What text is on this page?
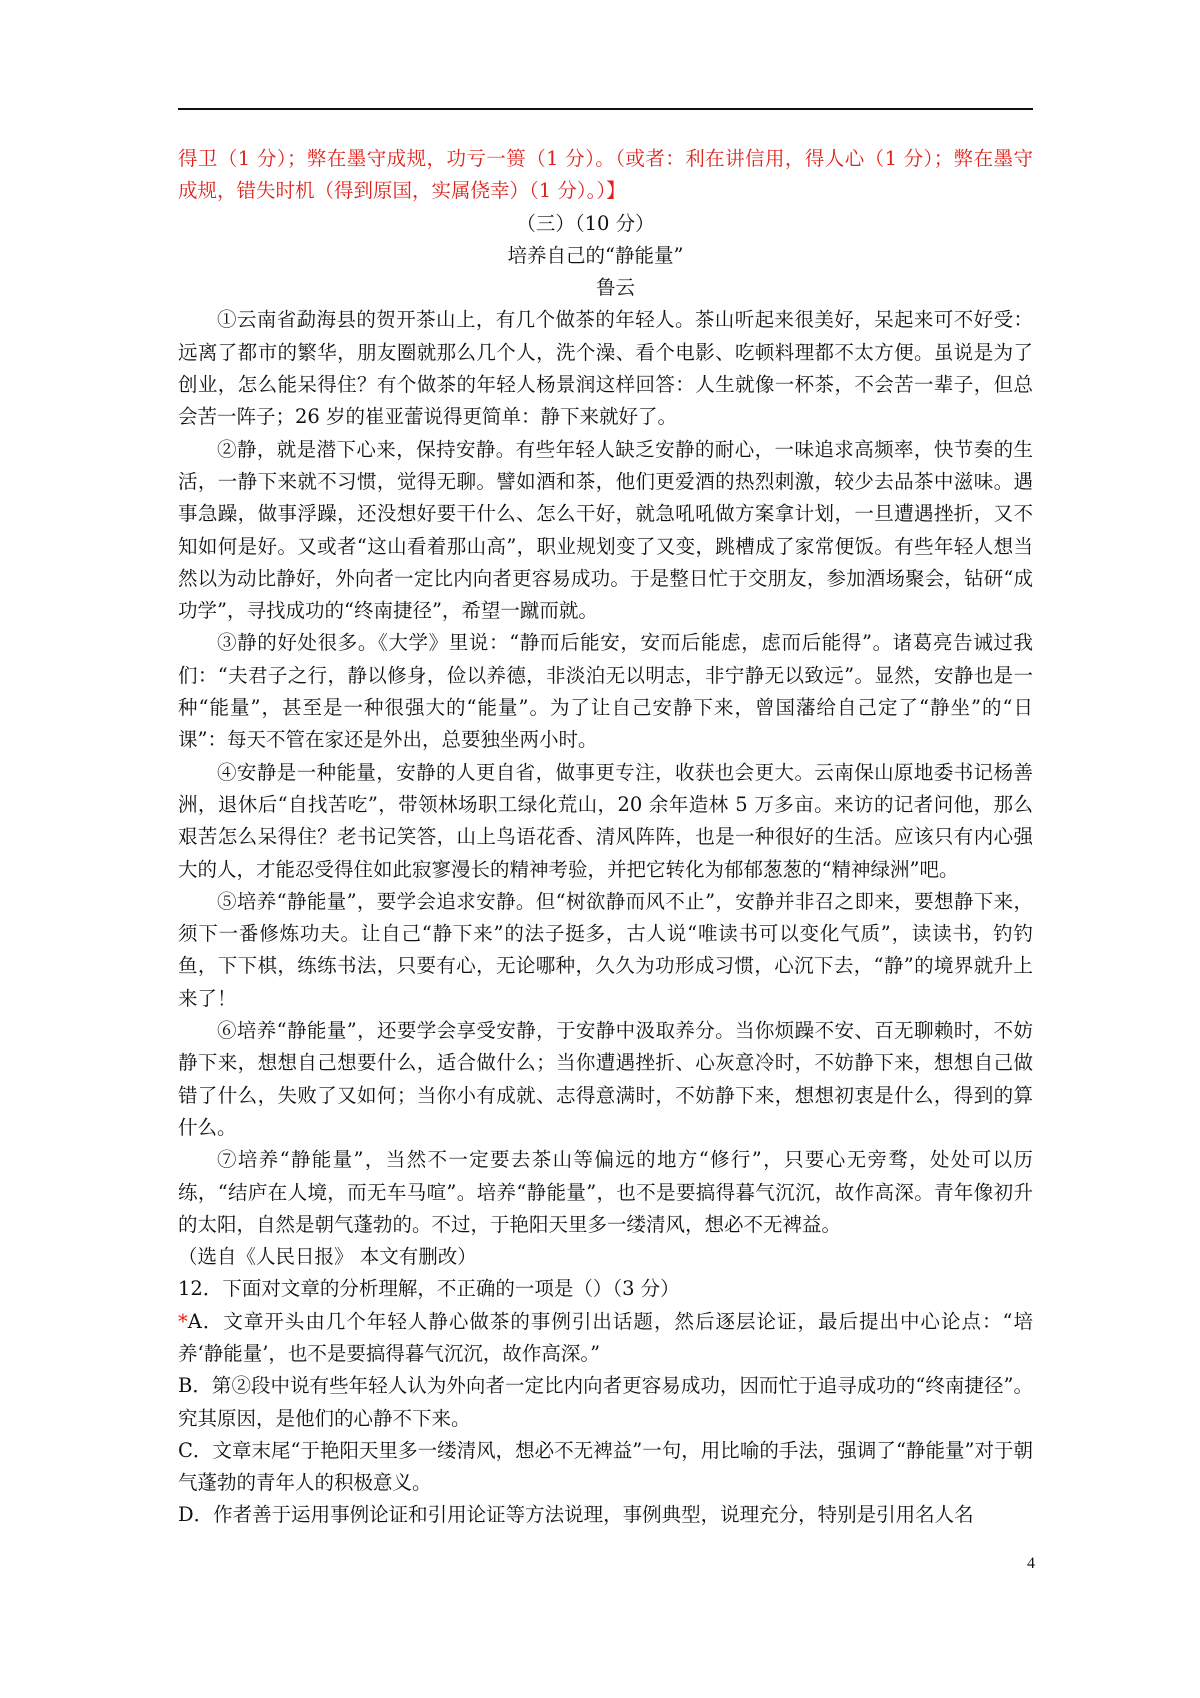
得卫（1 分）；弊在墨守成规，功亏一篑（1 分）。（或者：利在讲信用，得人心（1 分）；弊在墨守成规，错失时机（得到原国，实属侥幸）（1 分）。）】

（三）（10 分）

培养自己的“静能量”

鲁云

①云南省勐海县的贺开茶山上，有几个做茶的年轻人。茶山听起来很美好，呆起来可不好受：远离了都市的繁华，朋友圈就那么几个人，洗个澡、看个电影、吃顿料理都不太方便。虽说是为了创业，怎么能呆得住？有个做茶的年轻人杨景润这样回答：人生就像一杯茶，不会苦一辈子，但总会苦一阵子；26 岁的崔亚蕾说得更简单：静下来就好了。

②静，就是潜下心来，保持安静。有些年轻人缺乏安静的耐心，一味追求高频率，快节奏的生活，一静下来就不习惯，觉得无聊。譬如酒和茶，他们更爱酒的热烈刺激，较少去品茶中滋味。遇事急躁，做事浮躁，还没想好要干什么、怎么干好，就急吼吼做方案拿计划，一旦遭遇挫折，又不知如何是好。又或者“这山看着那山高”，职业规划变了又变，跳槽成了家常便饭。有些年轻人想当然以为动比静好，外向者一定比内向者更容易成功。于是整日忙于交朋友，参加酒场聚会，钻研“成功学”，寻找成功的“终南捷径”，希望一蹴而就。

③静的好处很多。《大学》里说：“静而后能安，安而后能虑，虑而后能得”。诸葛亮告诫过我们：“夫君子之行，静以修身，俭以养德，非淡泊无以明志，非宁静无以致远”。显然，安静也是一种“能量”，甚至是一种很强大的“能量”。为了让自己安静下来，曾国藩给自己定了“静坐”的“日课”：每天不管在家还是外出，总要独坐两小时。

④安静是一种能量，安静的人更自省，做事更专注，收获也会更大。云南保山原地委书记杨善洲，退休后“自找苦吃”，带领林场职工绿化荒山，20 余年造林 5 万多亩。来访的记者问他，那么艰苦怎么呆得住？老书记笑答，山上鸟语花香、清风阵阵，也是一种很好的生活。应该只有内心强大的人，才能忍受得住如此寂寥漫长的精神考验，并把它转化为郁郁葱葱的“精神绿洲”吧。

⑤培养“静能量”，要学会追求安静。但“树欲静而风不止”，安静并非召之即来，要想静下来，须下一番修炼功夫。让自己“静下来”的法子挺多，古人说“唯读书可以变化气质”，读读书，钓钓鱼，下下棋，练练书法，只要有心，无论哪种，久久为功形成习惯，心沉下去，“静”的境界就升上来了！

⑥培养“静能量”，还要学会享受安静，于安静中汲取养分。当你烦躁不安、百无聊赖时，不妨静下来，想想自己想要什么，适合做什么；当你遭遇挫折、心灰意冷时，不妨静下来，想想自己做错了什么，失败了又如何；当你小有成就、志得意满时，不妨静下来，想想初衷是什么，得到的算什么。

⑦培养“静能量”，当然不一定要去茶山等偏远的地方“修行”，只要心无旁骛，处处可以历练，“结庐在人境，而无车马喧”。培养“静能量”，也不是要搞得暮气沉沉，故作高深。青年像初升的太阳，自然是朝气蓬勃的。不过，于艳阳天里多一缕清风，想必不无裨益。

（选自《人民日报》 本文有删改）

12．下面对文章的分析理解，不正确的一项是（）（3 分）

*A．文章开头由几个年轻人静心做茶的事例引出话题，然后逐层论证，最后提出中心论点：“培养‘静能量’，也不是要搞得暮气沉沉，故作高深。”

B．第②段中说有些年轻人认为外向者一定比内向者更容易成功，因而忙于追寻成功的“终南捷径”。究其原因，是他们的心静不下来。

C．文章末尾“于艳阳天里多一缕清风，想必不无裨益”一句，用比喻的手法，强调了“静能量”对于朝气蓬勃的青年人的积极意义。

D．作者善于运用事例论证和引用论证等方法说理，事例典型，说理充分，特别是引用名人名

4
